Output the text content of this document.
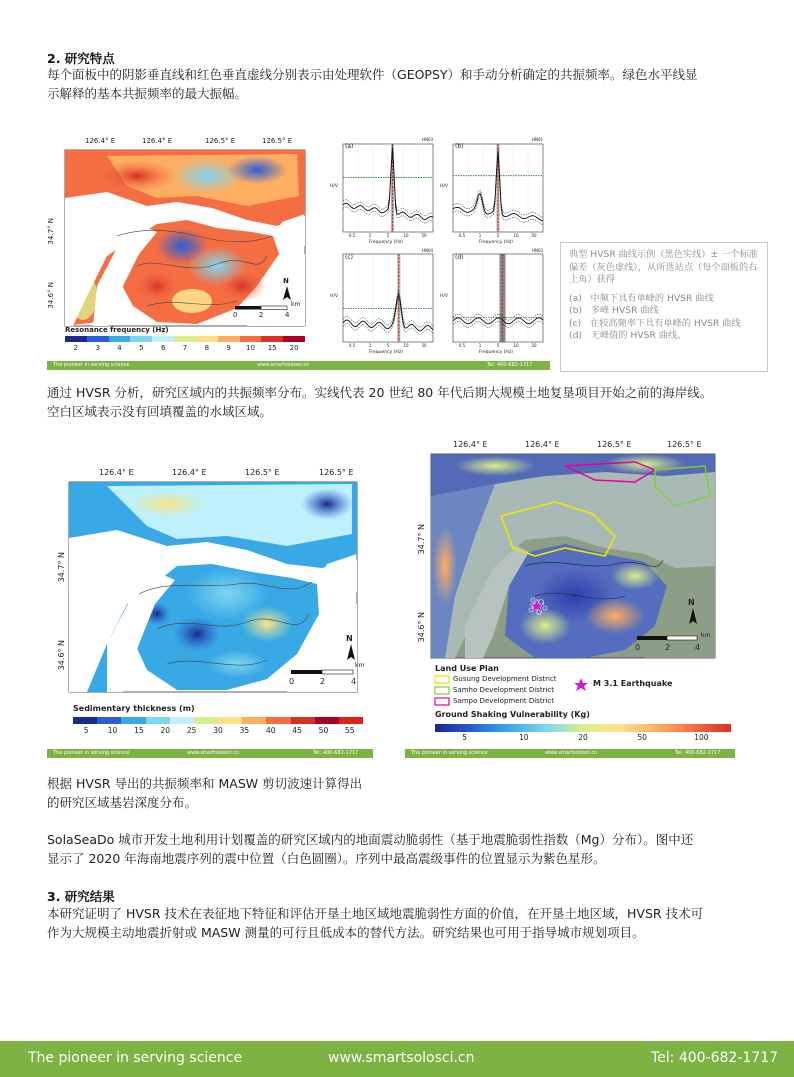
2. 研究特点
每个面板中的阴影垂直线和红色垂直虚线分别表示由处理软件（GEOPSY）和手动分析确定的共振频率。绿色水平线显
示解释的基本共振频率的最大振幅。
126.4° E	126.4° E	126.5° E	126.5° E
34.7° N
34.6° N
0	2	4
km
N
Resonance frequency (Hz)
2 3 4 5 6 7 8 9 10 15 20
(a)
HN03
(b)
HN01
(c)
HN04
(d)
HN03
Frequency (Hz)	Frequency (Hz)
Frequency (Hz)	Frequency (Hz)
H/V	H/V
H/V	H/V
0.5	1	5	10	50	0.5	1	5	10	50
0.5	1	5	10	50	0.5	1	5	10	50
The pioneer in serving science	www.smartsolosci.cn	Tel: 400-682-1717

典型 HVSR 曲线示例（黑色实线）± 一个标准偏差（灰色虚线），从所选站点（每个面板的右上角）获得

(a)   中频下具有单峰的 HVSR 曲线

(b)   多峰 HVSR 曲线

(c)   在较高频率下具有单峰的 HVSR 曲线

(d)   无峰值的 HVSR 曲线。

通过 HVSR 分析，研究区域内的共振频率分布。实线代表 20 世纪 80 年代后期大规模土地复垦项目开始之前的海岸线。
空白区域表示没有回填覆盖的水域区域。
126.4° E	126.4° E	126.5° E	126.5° E
34.7° N
34.6° N
0	2	4
km
N
Sedimentary thickness (m)
5	10 15 20 25 30 35 40 45 50 55
The pioneer in serving science	www.smartsolosci.cn	Tel: 400-682-1717
126.4° E	126.4° E	126.5° E	126.5° E
34.7° N
34.6° N
0	2	4
km
N
Land Use Plan
Gusung Development District
Samho Development District
Sampo Development District
M 3.1 Earthquake
Ground Shaking Vulnerability (Kg)
5	10	20	50	100
The pioneer in serving science	www.smartsolosci.cn	Tel: 400-682-1717
根据 HVSR 导出的共振频率和 MASW 剪切波速计算得出
的研究区域基岩深度分布。
SolaSeaDo 城市开发土地利用计划覆盖的研究区域内的地面震动脆弱性（基于地震脆弱性指数（Mg）分布）。图中还
显示了 2020 年海南地震序列的震中位置（白色圆圈）。序列中最高震级事件的位置显示为紫色星形。
3. 研究结果
本研究证明了 HVSR 技术在表征地下特征和评估开垦土地区域地震脆弱性方面的价值，在开垦土地区域，HVSR 技术可
作为大规模主动地震折射或 MASW 测量的可行且低成本的替代方法。研究结果也可用于指导城市规划项目。
The pioneer in serving science	www.smartsolosci.cn	Tel: 400-682-1717
